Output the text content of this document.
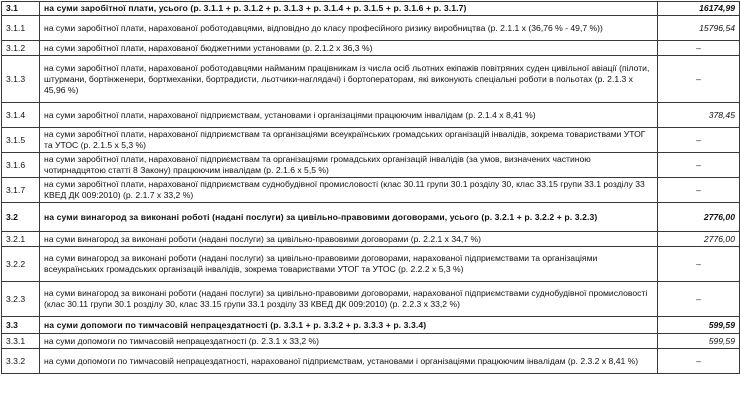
3.1	на суми заробітної плати, усього (р. 3.1.1 + р. 3.1.2 + р. 3.1.3 + р. 3.1.4 + р. 3.1.5 + р. 3.1.6 + р. 3.1.7)	16174,99
3.1.1	на суми заробітної плати, нарахованої роботодавцями, відповідно до класу професійного ризику виробництва (р. 2.1.1 х (36,76 % - 49,7 %))	15796,54
3.1.2	на суми заробітної плати, нарахованої бюджетними установами (р. 2.1.2 х 36,3 %)	–
3.1.3	на суми заробітної плати, нарахованої роботодавцями найманим працівникам із числа осіб льотних екіпажів повітряних суден цивільної авіації (пілоти, штурмани, бортінженери, бортмеханіки, бортрадисти, льотчики-наглядачі) і бортоператорам, які виконують спеціальні роботи в польотах (р. 2.1.3 х 45,96 %)	–
3.1.4	на суми заробітної плати, нарахованої підприємствам, установами і організаціями працюючим інвалідам (р. 2.1.4 х 8,41 %)	378,45
3.1.5	на суми заробітної плати, нарахованої підприємствам та організаціями всеукраїнських громадських організацій інвалідів, зокрема товариствами УТОГ та УТОС (р. 2.1.5 х 5,3 %)	–
3.1.6	на суми заробітної плати, нарахованої підприємствам та організаціями громадських організацій інвалідів (за умов, визначених частиною чотирнадцятою статті 8 Закону) працюючим інвалідам (р. 2.1.6 х 5,5 %)	–
3.1.7	на суми заробітної плати, нарахованої підприємствам суднобудівної промисловості (клас 30.11 групи 30.1 розділу 30, клас 33.15 групи 33.1 розділу 33 КВЕД ДК 009:2010) (р. 2.1.7 х 33,2 %)	–
3.2	на суми винагород за виконані роботі (надані послуги) за цивільно-правовими договорами, усього (р. 3.2.1 + р. 3.2.2 + р. 3.2.3)	2776,00
3.2.1	на суми винагород за виконані роботи (надані послуги) за цивільно-правовими договорами (р. 2.2.1 х 34,7 %)	2776,00
3.2.2	на суми винагород за виконані роботи (надані послуги) за цивільно-правовими договорами, нарахованої підприємствами та організаціями всеукраїнських громадських організацій інвалідів, зокрема товариствами УТОГ та УТОС (р. 2.2.2 х 5,3 %)	–
3.2.3	на суми винагород за виконані роботи (надані послуги) за цивільно-правовими договорами, нарахованої підприємствами суднобудівної промисловості (клас 30.11 групи 30.1 розділу 30, клас 33.15 групи 33.1 розділу 33 КВЕД ДК 009:2010) (р. 2.2.3 х 33,2 %)	–
3.3	на суми допомоги по тимчасовій непрацездатності (р. 3.3.1 + р. 3.3.2 + р. 3.3.3 + р. 3.3.4)	599,59
3.3.1	на суми допомоги по тимчасовій непрацездатності (р. 2.3.1 х 33,2 %)	599,59
3.3.2	на суми допомоги по тимчасовій непрацездатності, нарахованої підприємствам, установами і організаціями працюючим інвалідам (р. 2.3.2 х 8,41 %)	–
